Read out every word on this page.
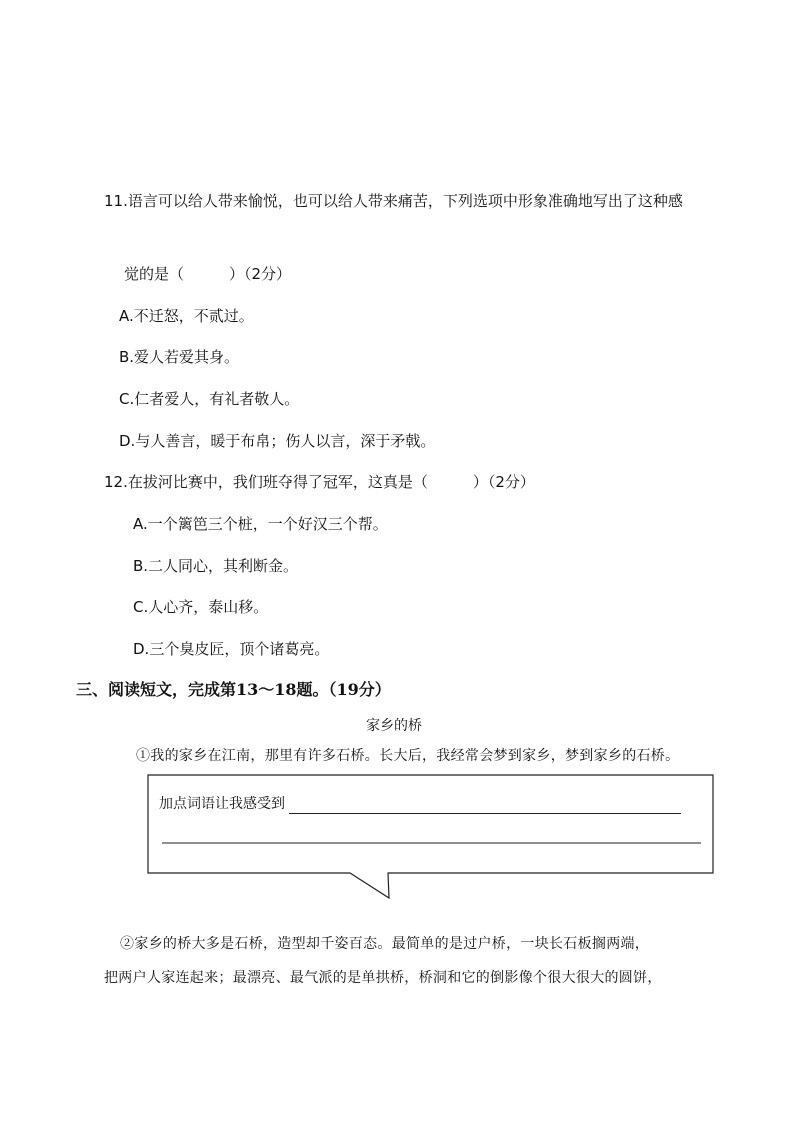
11.语言可以给人带来愉悦，也可以给人带来痛苦，下列选项中形象准确地写出了这种感
觉的是（　　　）（2分）
A.不迁怒，不贰过。
B.爱人若爱其身。
C.仁者爱人，有礼者敬人。
D.与人善言，暖于布帛；伤人以言，深于矛戟。
12.在拔河比赛中，我们班夺得了冠军，这真是（　　　）（2分）
A.一个篱笆三个桩，一个好汉三个帮。
B.二人同心，其利断金。
C.人心齐，泰山移。
D.三个臭皮匠，顶个诸葛亮。
三、阅读短文，完成第13～18题。（19分）
家乡的桥
①我的家乡在江南，那里有许多石桥。长大后，我经常会梦到家乡，梦到家乡的石桥。
加点词语让我感受到
②家乡的桥大多是石桥，造型却千姿百态。最简单的是过户桥，一块长石板搁两端，
把两户人家连起来；最漂亮、最气派的是单拱桥，桥洞和它的倒影像个很大很大的圆饼，
